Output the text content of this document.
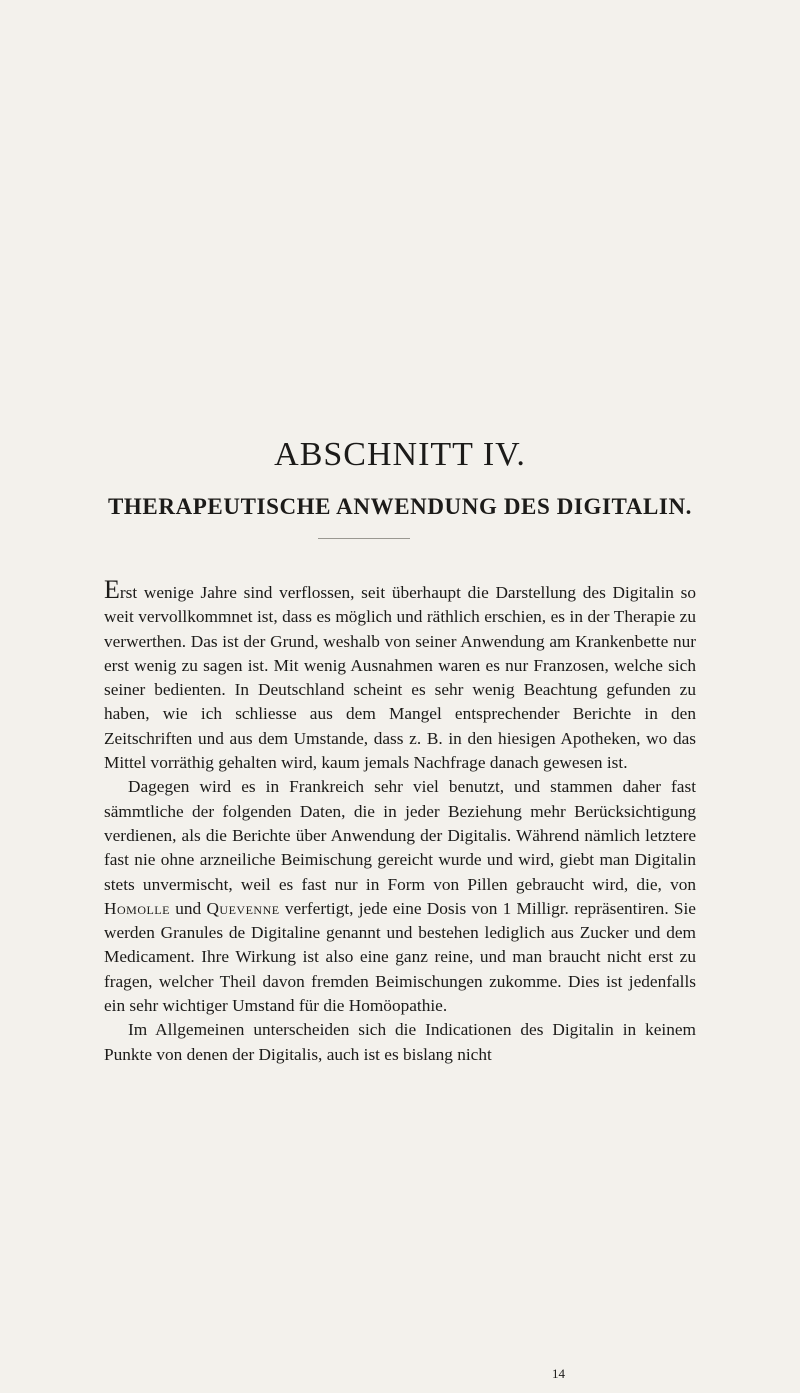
ABSCHNITT IV.
THERAPEUTISCHE ANWENDUNG DES DIGITALIN.

Erst wenige Jahre sind verflossen, seit überhaupt die Darstellung des Digitalin so weit vervollkommnet ist, dass es möglich und räthlich erschien, es in der Therapie zu verwerthen. Das ist der Grund, weshalb von seiner Anwendung am Krankenbette nur erst wenig zu sagen ist. Mit wenig Ausnahmen waren es nur Franzosen, welche sich seiner bedienten. In Deutschland scheint es sehr wenig Beachtung gefunden zu haben, wie ich schliesse aus dem Mangel entsprechender Berichte in den Zeitschriften und aus dem Umstande, dass z. B. in den hiesigen Apotheken, wo das Mittel vorräthig gehalten wird, kaum jemals Nachfrage danach gewesen ist.

Dagegen wird es in Frankreich sehr viel benutzt, und stammen daher fast sämmtliche der folgenden Daten, die in jeder Beziehung mehr Berücksichtigung verdienen, als die Berichte über Anwendung der Digitalis. Während nämlich letztere fast nie ohne arzneiliche Beimischung gereicht wurde und wird, giebt man Digitalin stets unvermischt, weil es fast nur in Form von Pillen gebraucht wird, die, von Homolle und Quevenne verfertigt, jede eine Dosis von 1 Milligr. repräsentiren. Sie werden Granules de Digitaline genannt und bestehen lediglich aus Zucker und dem Medicament. Ihre Wirkung ist also eine ganz reine, und man braucht nicht erst zu fragen, welcher Theil davon fremden Beimischungen zukomme. Dies ist jedenfalls ein sehr wichtiger Umstand für die Homöopathie.

Im Allgemeinen unterscheiden sich die Indicationen des Digitalin in keinem Punkte von denen der Digitalis, auch ist es bislang nicht

14
